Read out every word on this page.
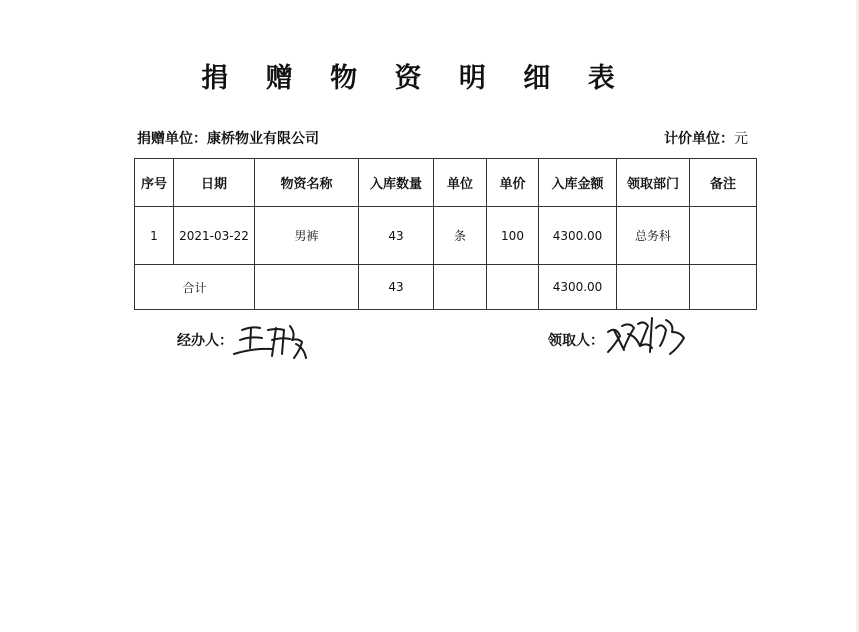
捐 赠 物 资 明 细 表
捐赠单位：康桥物业有限公司	计价单位：元
序号	日期	物资名称	入库数量	单位	单价	入库金额	领取部门	备注
1	2021-03-22	男裤	43	条	100	4300.00	总务科	
合计			43			4300.00		
经办人：	领取人：
